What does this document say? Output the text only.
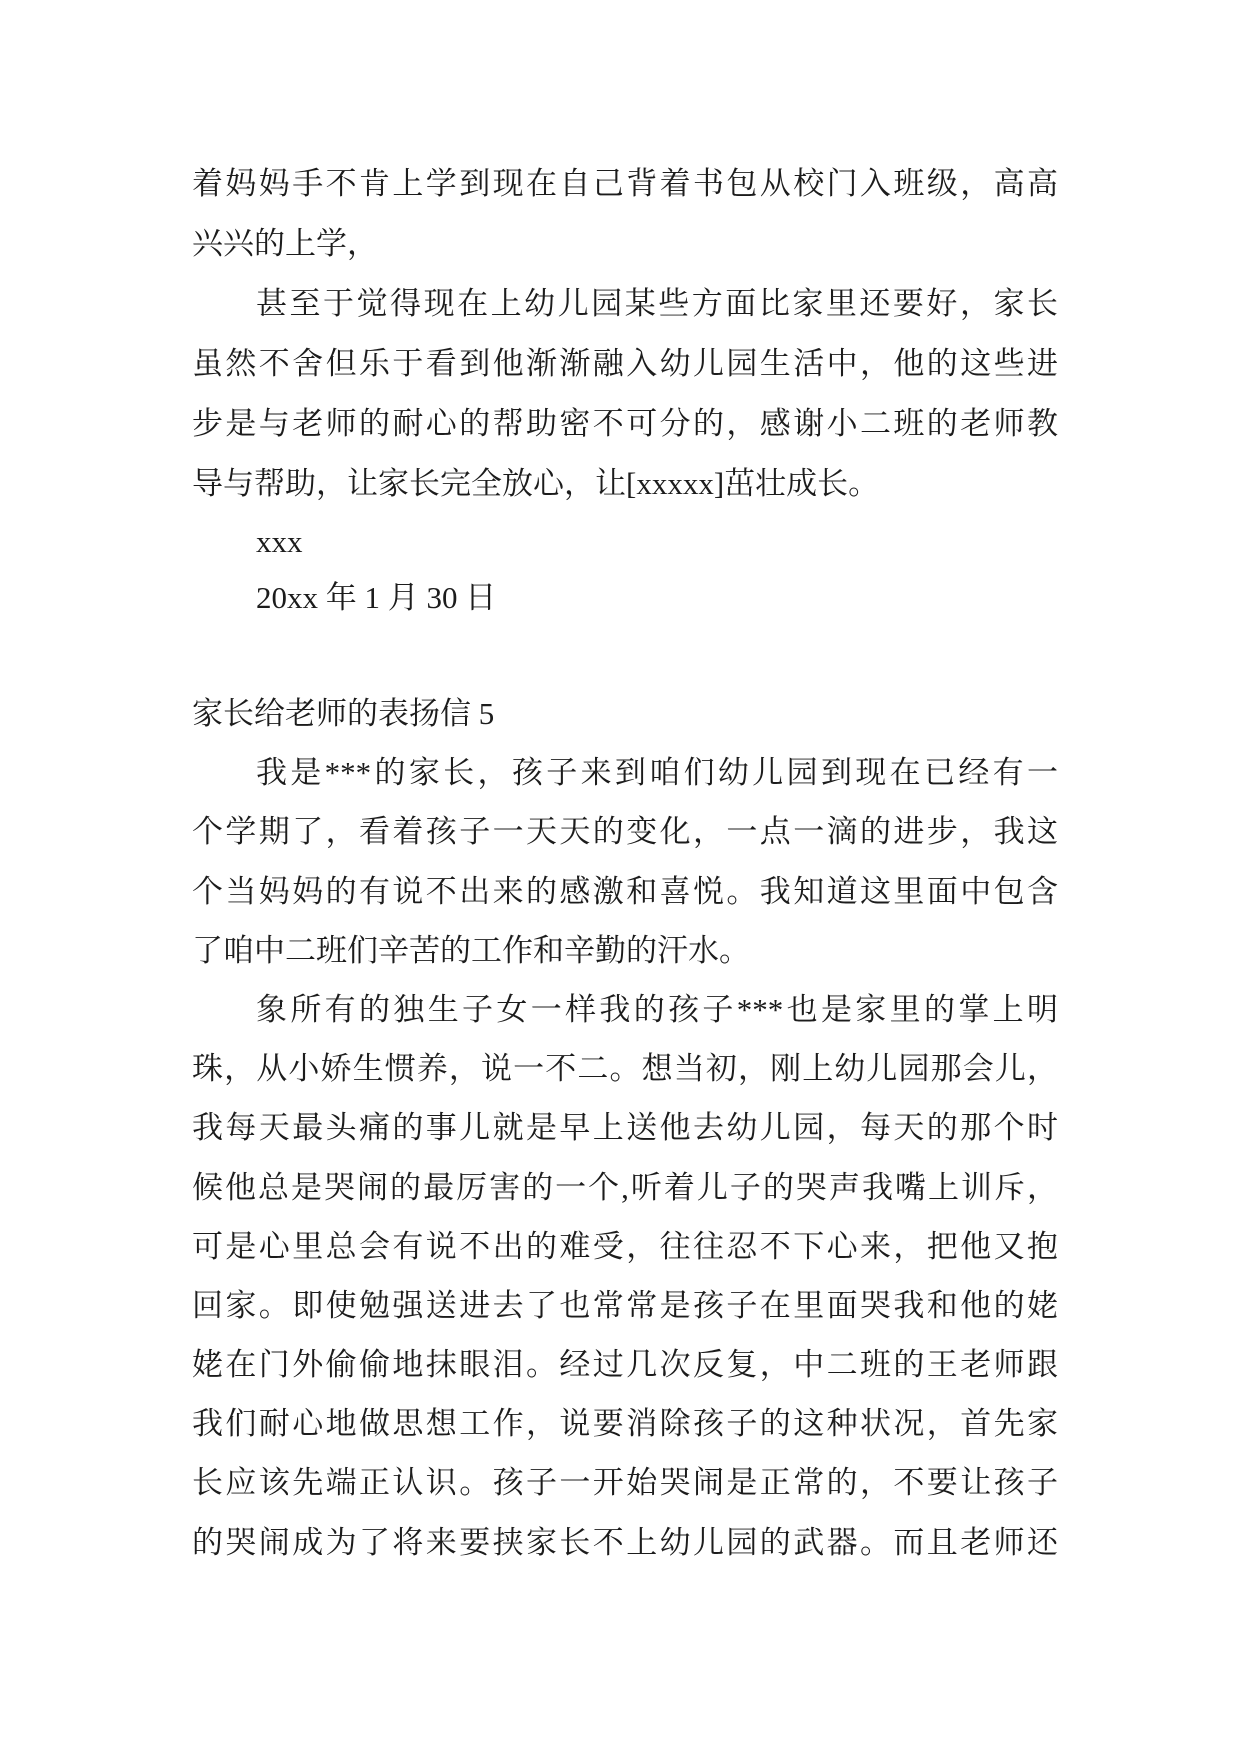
着妈妈手不肯上学到现在自己背着书包从校门入班级，高高
兴兴的上学，
甚至于觉得现在上幼儿园某些方面比家里还要好，家长
虽然不舍但乐于看到他渐渐融入幼儿园生活中，他的这些进
步是与老师的耐心的帮助密不可分的，感谢小二班的老师教
导与帮助，让家长完全放心，让[xxxxx]茁壮成长。
xxx
20xx 年 1 月 30 日
家长给老师的表扬信 5
我是***的家长，孩子来到咱们幼儿园到现在已经有一
个学期了，看着孩子一天天的变化，一点一滴的进步，我这
个当妈妈的有说不出来的感激和喜悦。我知道这里面中包含
了咱中二班们辛苦的工作和辛勤的汗水。
象所有的独生子女一样我的孩子***也是家里的掌上明
珠，从小娇生惯养，说一不二。想当初，刚上幼儿园那会儿，
我每天最头痛的事儿就是早上送他去幼儿园，每天的那个时
候他总是哭闹的最厉害的一个,听着儿子的哭声我嘴上训斥，
可是心里总会有说不出的难受，往往忍不下心来，把他又抱
回家。即使勉强送进去了也常常是孩子在里面哭我和他的姥
姥在门外偷偷地抹眼泪。经过几次反复，中二班的王老师跟
我们耐心地做思想工作，说要消除孩子的这种状况，首先家
长应该先端正认识。孩子一开始哭闹是正常的，不要让孩子
的哭闹成为了将来要挟家长不上幼儿园的武器。而且老师还
